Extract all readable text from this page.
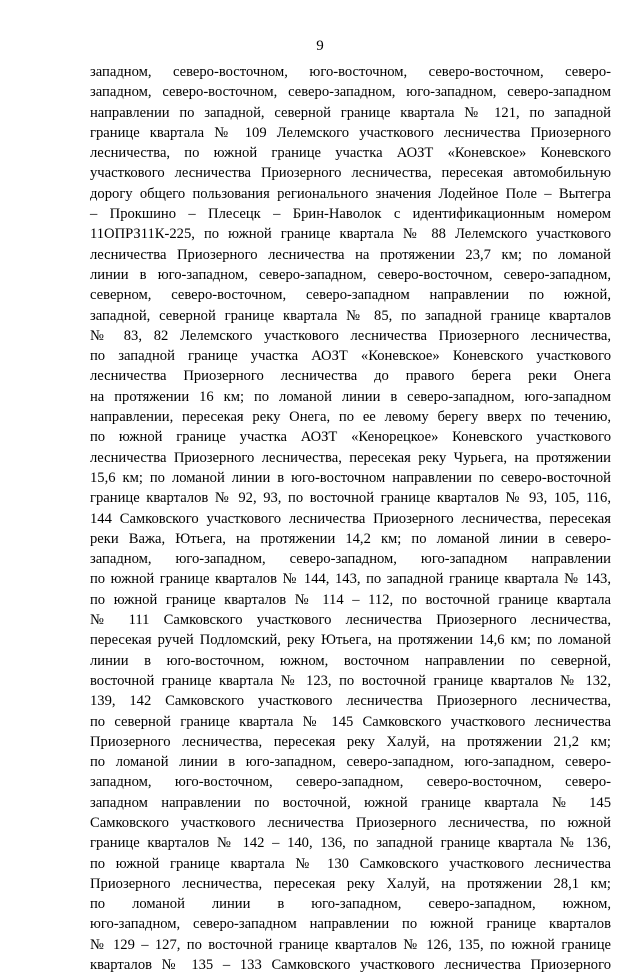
9
западном, северо-восточном, юго-восточном, северо-восточном, северо-
западном, северо-восточном, северо-западном, юго-западном, северо-западном
направлении по западной, северной границе квартала № 121, по западной
границе квартала № 109 Лелемского участкового лесничества Приозерного
лесничества, по южной границе участка АОЗТ «Коневское» Коневского
участкового лесничества Приозерного лесничества, пересекая автомобильную
дорогу общего пользования регионального значения Лодейное Поле – Вытегра
– Прокшино – Плесецк – Брин-Наволок с идентификационным номером
11ОПРЗ11К-225, по южной границе квартала № 88 Лелемского участкового
лесничества Приозерного лесничества на протяжении 23,7 км; по ломаной
линии в юго-западном, северо-западном, северо-восточном, северо-западном,
северном, северо-восточном, северо-западном направлении по южной,
западной, северной границе квартала № 85, по западной границе кварталов
№ 83, 82 Лелемского участкового лесничества Приозерного лесничества,
по западной границе участка АОЗТ «Коневское» Коневского участкового
лесничества Приозерного лесничества до правого берега реки Онега
на протяжении 16 км; по ломаной линии в северо-западном, юго-западном
направлении, пересекая реку Онега, по ее левому берегу вверх по течению,
по южной границе участка АОЗТ «Кенорецкое» Коневского участкового
лесничества Приозерного лесничества, пересекая реку Чурьега, на протяжении
15,6 км; по ломаной линии в юго-восточном направлении по северо-восточной
границе кварталов № 92, 93, по восточной границе кварталов № 93, 105, 116,
144 Самковского участкового лесничества Приозерного лесничества, пересекая
реки Важа, Ютьега, на протяжении 14,2 км; по ломаной линии в северо-
западном, юго-западном, северо-западном, юго-западном направлении
по южной границе кварталов № 144, 143, по западной границе квартала № 143,
по южной границе кварталов № 114 – 112, по восточной границе квартала
№ 111 Самковского участкового лесничества Приозерного лесничества,
пересекая ручей Подломский, реку Ютьега, на протяжении 14,6 км; по ломаной
линии в юго-восточном, южном, восточном направлении по северной,
восточной границе квартала № 123, по восточной границе кварталов № 132,
139, 142 Самковского участкового лесничества Приозерного лесничества,
по северной границе квартала № 145 Самковского участкового лесничества
Приозерного лесничества, пересекая реку Халуй, на протяжении 21,2 км;
по ломаной линии в юго-западном, северо-западном, юго-западном, северо-
западном, юго-восточном, северо-западном, северо-восточном, северо-
западном направлении по восточной, южной границе квартала № 145
Самковского участкового лесничества Приозерного лесничества, по южной
границе кварталов № 142 – 140, 136, по западной границе квартала № 136,
по южной границе квартала № 130 Самковского участкового лесничества
Приозерного лесничества, пересекая реку Халуй, на протяжении 28,1 км;
по ломаной линии в юго-западном, северо-западном, южном,
юго-западном, северо-западном направлении по южной границе кварталов
№ 129 – 127, по восточной границе кварталов № 126, 135, по южной границе
кварталов № 135 – 133 Самковского участкового лесничества Приозерного
